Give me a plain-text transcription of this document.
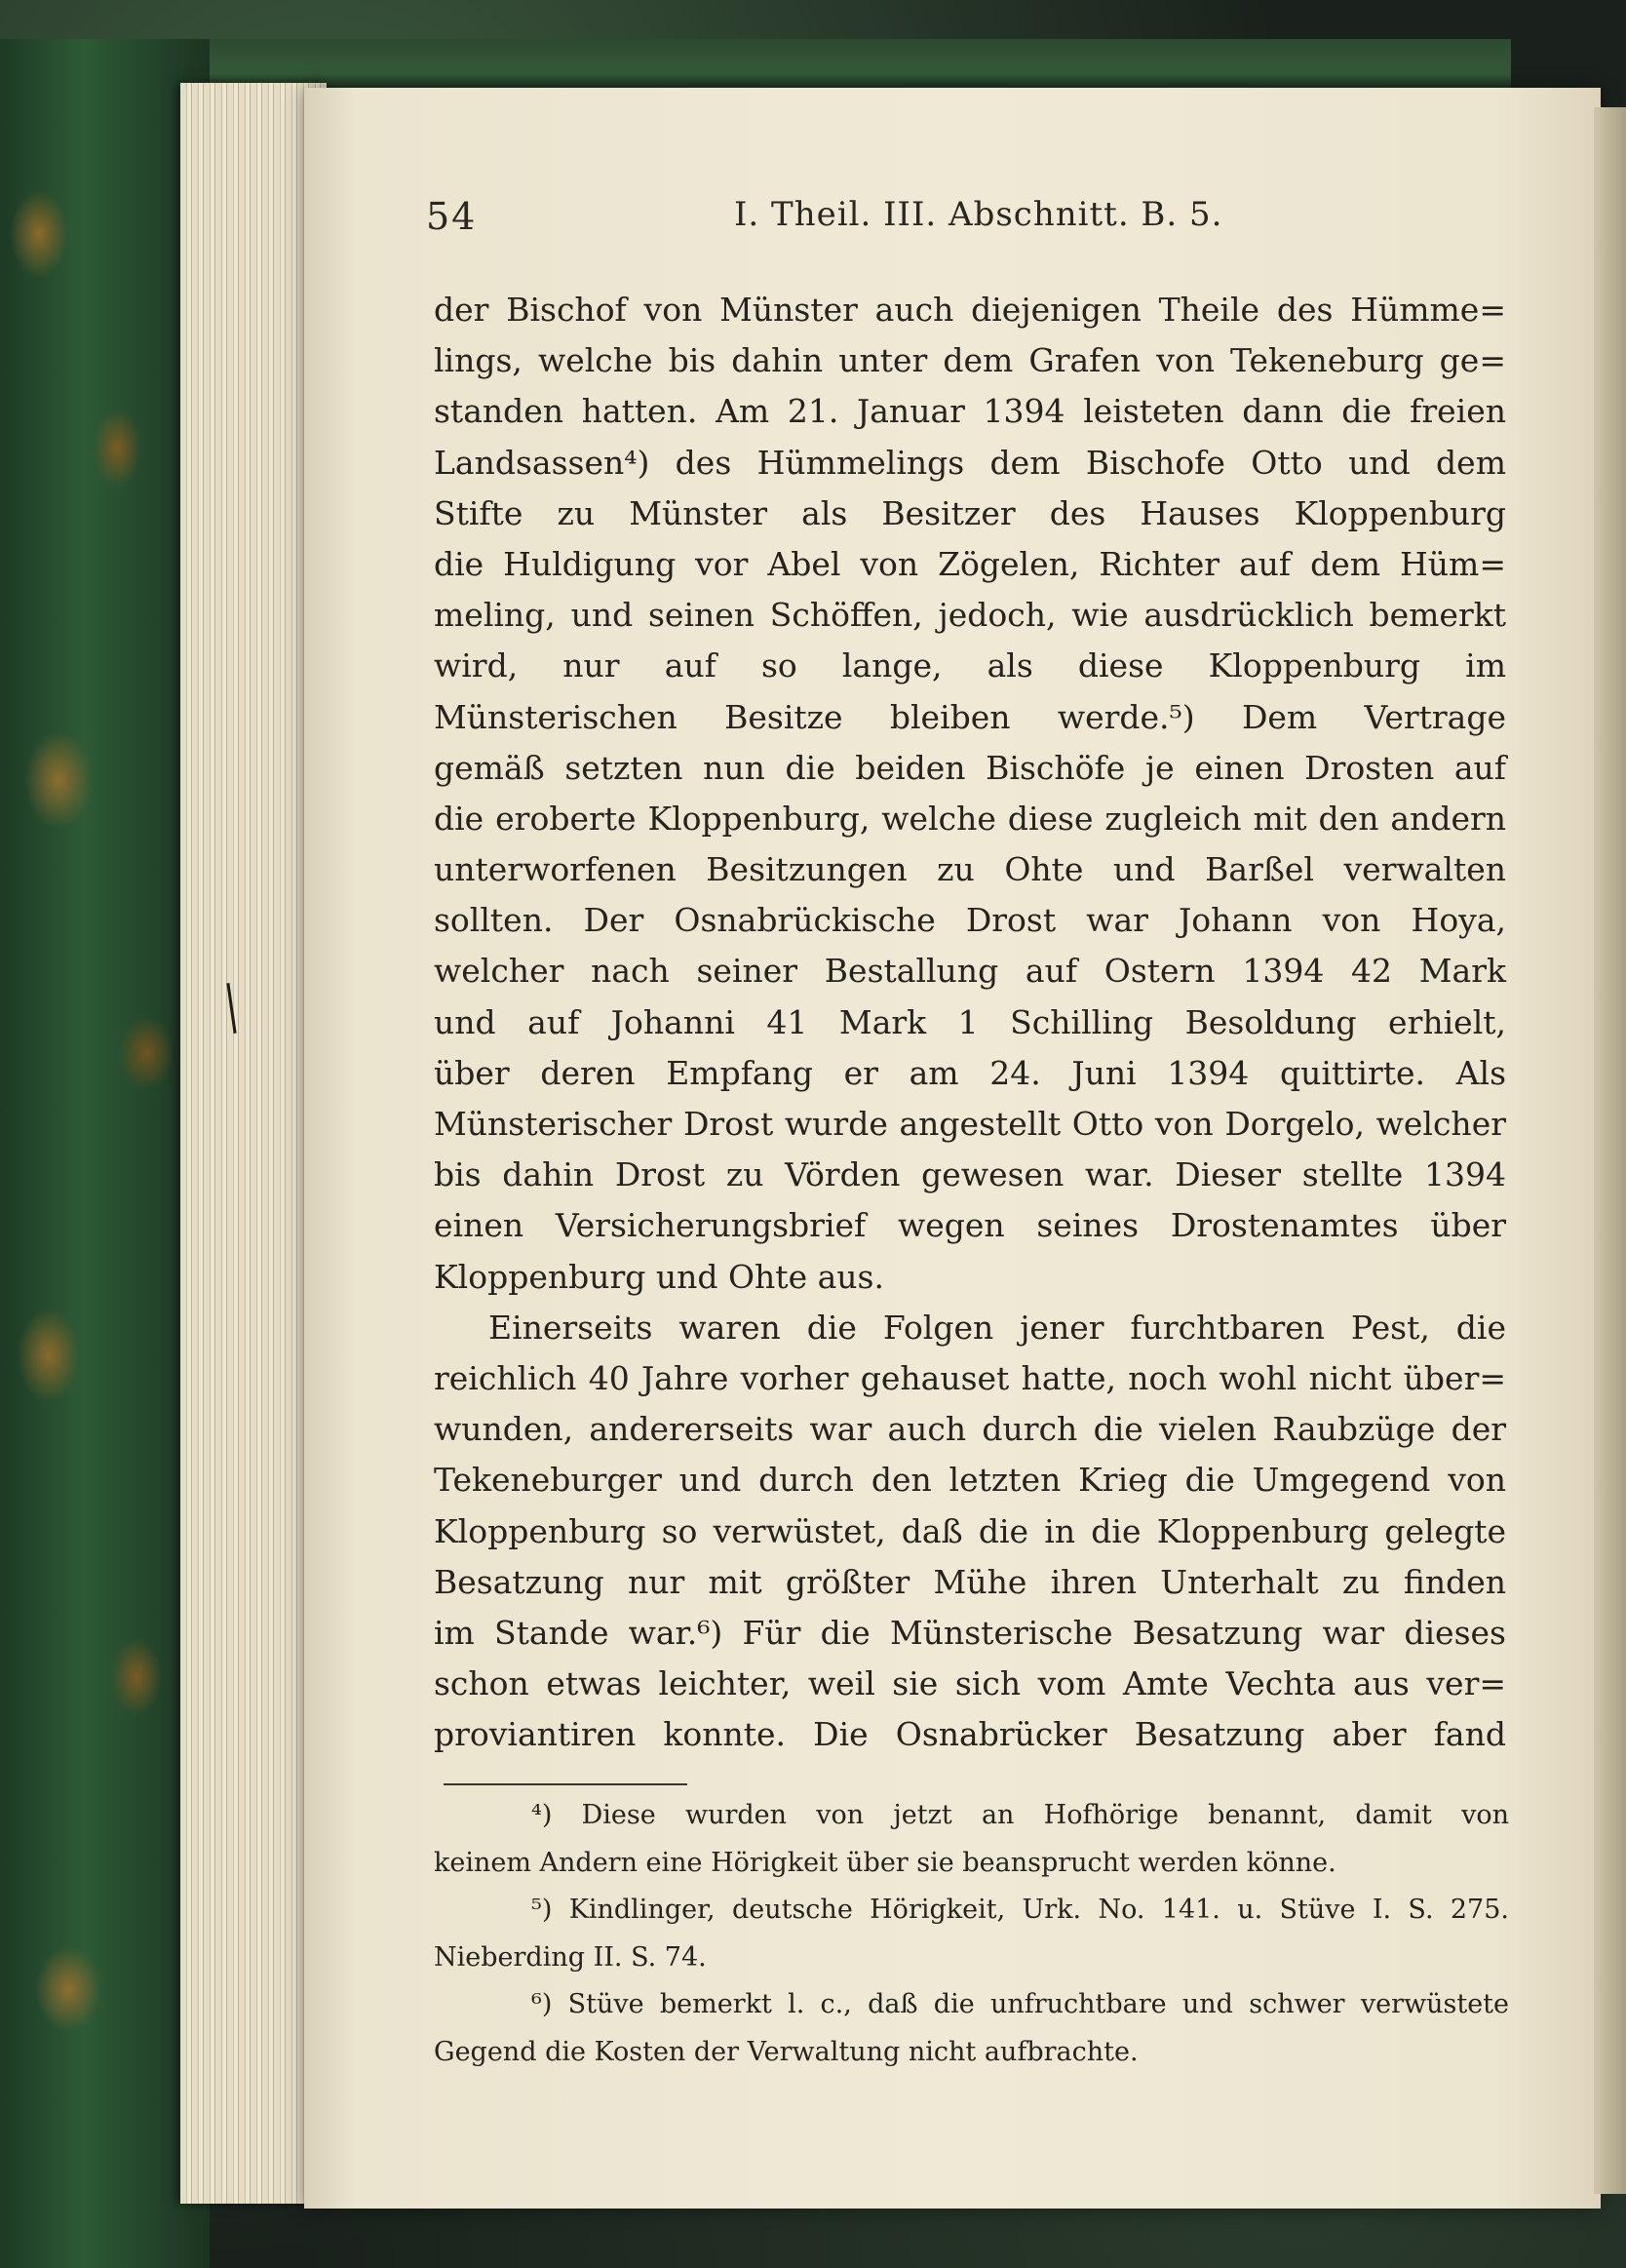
54	I. Theil. III. Abschnitt. B. 5.
der Bischof von Münster auch diejenigen Theile des Hümme=
lings, welche bis dahin unter dem Grafen von Tekeneburg ge=
standen hatten. Am 21. Januar 1394 leisteten dann die freien
Landsassen⁴) des Hümmelings dem Bischofe Otto und dem
Stifte zu Münster als Besitzer des Hauses Kloppenburg
die Huldigung vor Abel von Zögelen, Richter auf dem Hüm=
meling, und seinen Schöffen, jedoch, wie ausdrücklich bemerkt
wird, nur auf so lange, als diese Kloppenburg im
Münsterischen Besitze bleiben werde.⁵) Dem Vertrage
gemäß setzten nun die beiden Bischöfe je einen Drosten auf
die eroberte Kloppenburg, welche diese zugleich mit den andern
unterworfenen Besitzungen zu Ohte und Barßel verwalten
sollten. Der Osnabrückische Drost war Johann von Hoya,
welcher nach seiner Bestallung auf Ostern 1394 42 Mark
und auf Johanni 41 Mark 1 Schilling Besoldung erhielt,
über deren Empfang er am 24. Juni 1394 quittirte. Als
Münsterischer Drost wurde angestellt Otto von Dorgelo, welcher
bis dahin Drost zu Vörden gewesen war. Dieser stellte 1394
einen Versicherungsbrief wegen seines Drostenamtes über
Kloppenburg und Ohte aus.
Einerseits waren die Folgen jener furchtbaren Pest, die
reichlich 40 Jahre vorher gehauset hatte, noch wohl nicht über=
wunden, andererseits war auch durch die vielen Raubzüge der
Tekeneburger und durch den letzten Krieg die Umgegend von
Kloppenburg so verwüstet, daß die in die Kloppenburg gelegte
Besatzung nur mit größter Mühe ihren Unterhalt zu finden
im Stande war.⁶) Für die Münsterische Besatzung war dieses
schon etwas leichter, weil sie sich vom Amte Vechta aus ver=
proviantiren konnte. Die Osnabrücker Besatzung aber fand
⁴) Diese wurden von jetzt an Hofhörige benannt, damit von
keinem Andern eine Hörigkeit über sie beansprucht werden könne.
⁵) Kindlinger, deutsche Hörigkeit, Urk. No. 141. u. Stüve I. S. 275.
Nieberding II. S. 74.
⁶) Stüve bemerkt l. c., daß die unfruchtbare und schwer verwüstete
Gegend die Kosten der Verwaltung nicht aufbrachte.
